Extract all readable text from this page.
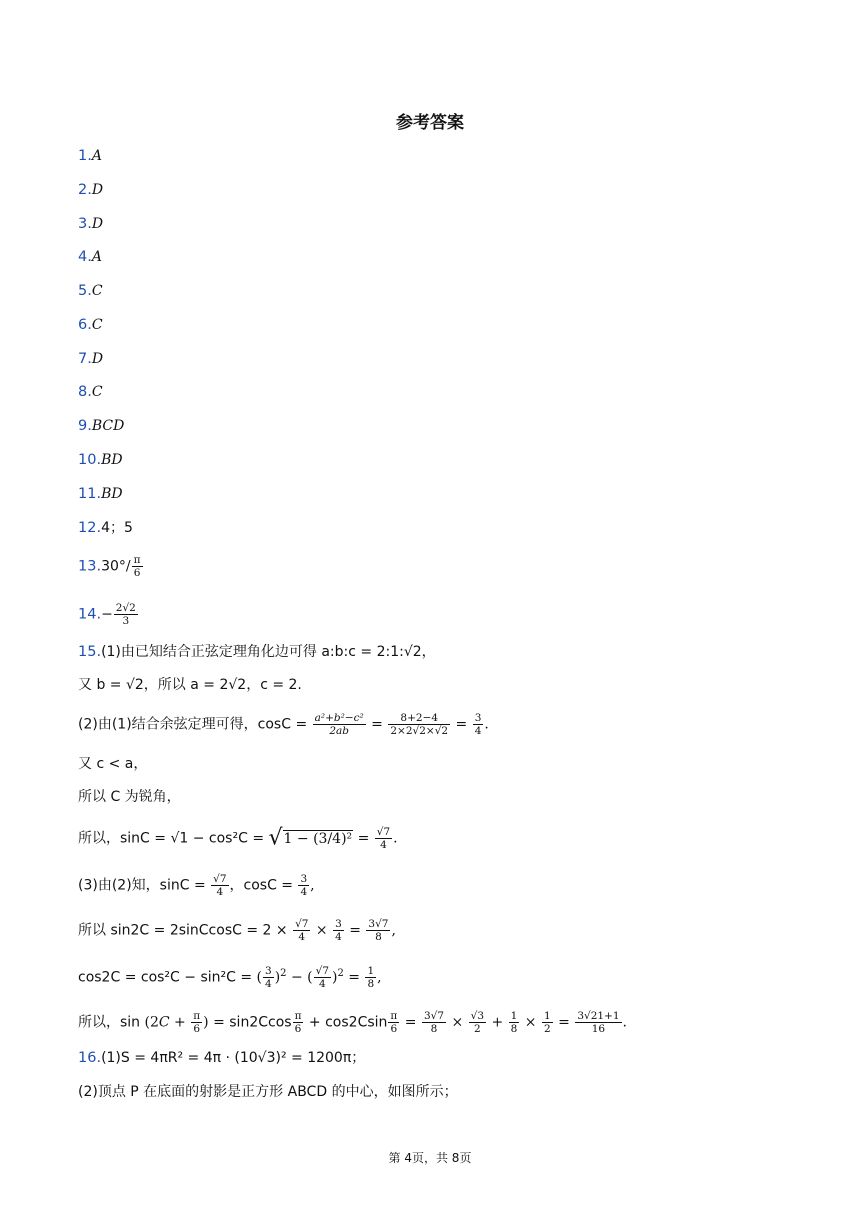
参考答案
1.A
2.D
3.D
4.A
5.C
6.C
7.D
8.C
9.BCD
10.BD
11.BD
12.4；5
$13.30^\circ/ \frac{\pi}{6}$
$14.- \frac{2√2}{3}$
15.(1)由已知结合正弦定理角化边可得 a:b:c = 2:1:√2，
又 b = √2，所以 a = 2√2，c = 2.
(2)由(1)结合余弦定理可得，$\cos C = \frac{\text{a²+b²−c²}}{2ab} = \frac{8+2-4}{2\times 2√2\times√2} = \frac{3}{4}$ .
又 c < a，
所以 C 为锐角，
所以，$\sin C = √1 - \cos^2C = √1 - (3/4)^2 = \frac{√7}{4}$ .
(3)由(2)知，$\sin C = \frac{√7}{4}$ ，$\cos C = \frac{3}{4}$ ,
所以 sin2C = 2sinCcosC = $2 \times \frac{√7}{4} \times \frac{3}{4} = \frac{3√7}{8}$ ,
cos2C = cos²C − sin²C = ( $\frac{3}{4} )^2$ − ( $\frac{√7}{4} )^2 = \frac{1}{8}$ ,
所以，$\sin (2C + \frac{\pi}{6}$ ) = $\sin 2Ccos \frac{\pi}{6} + \cos 2Csin \frac{\pi}{6} = \frac{3√7}{8} \times \frac{√3}{2} + \frac{1}{8} \times \frac{1}{2} = \frac{3√21+1}{16}$ .
16.(1)S = 4πR² = 4π · (10√3)² = 1200π；
(2)顶点 P 在底面的射影是正方形 ABCD 的中心，如图所示；
第 4页，共 8页
